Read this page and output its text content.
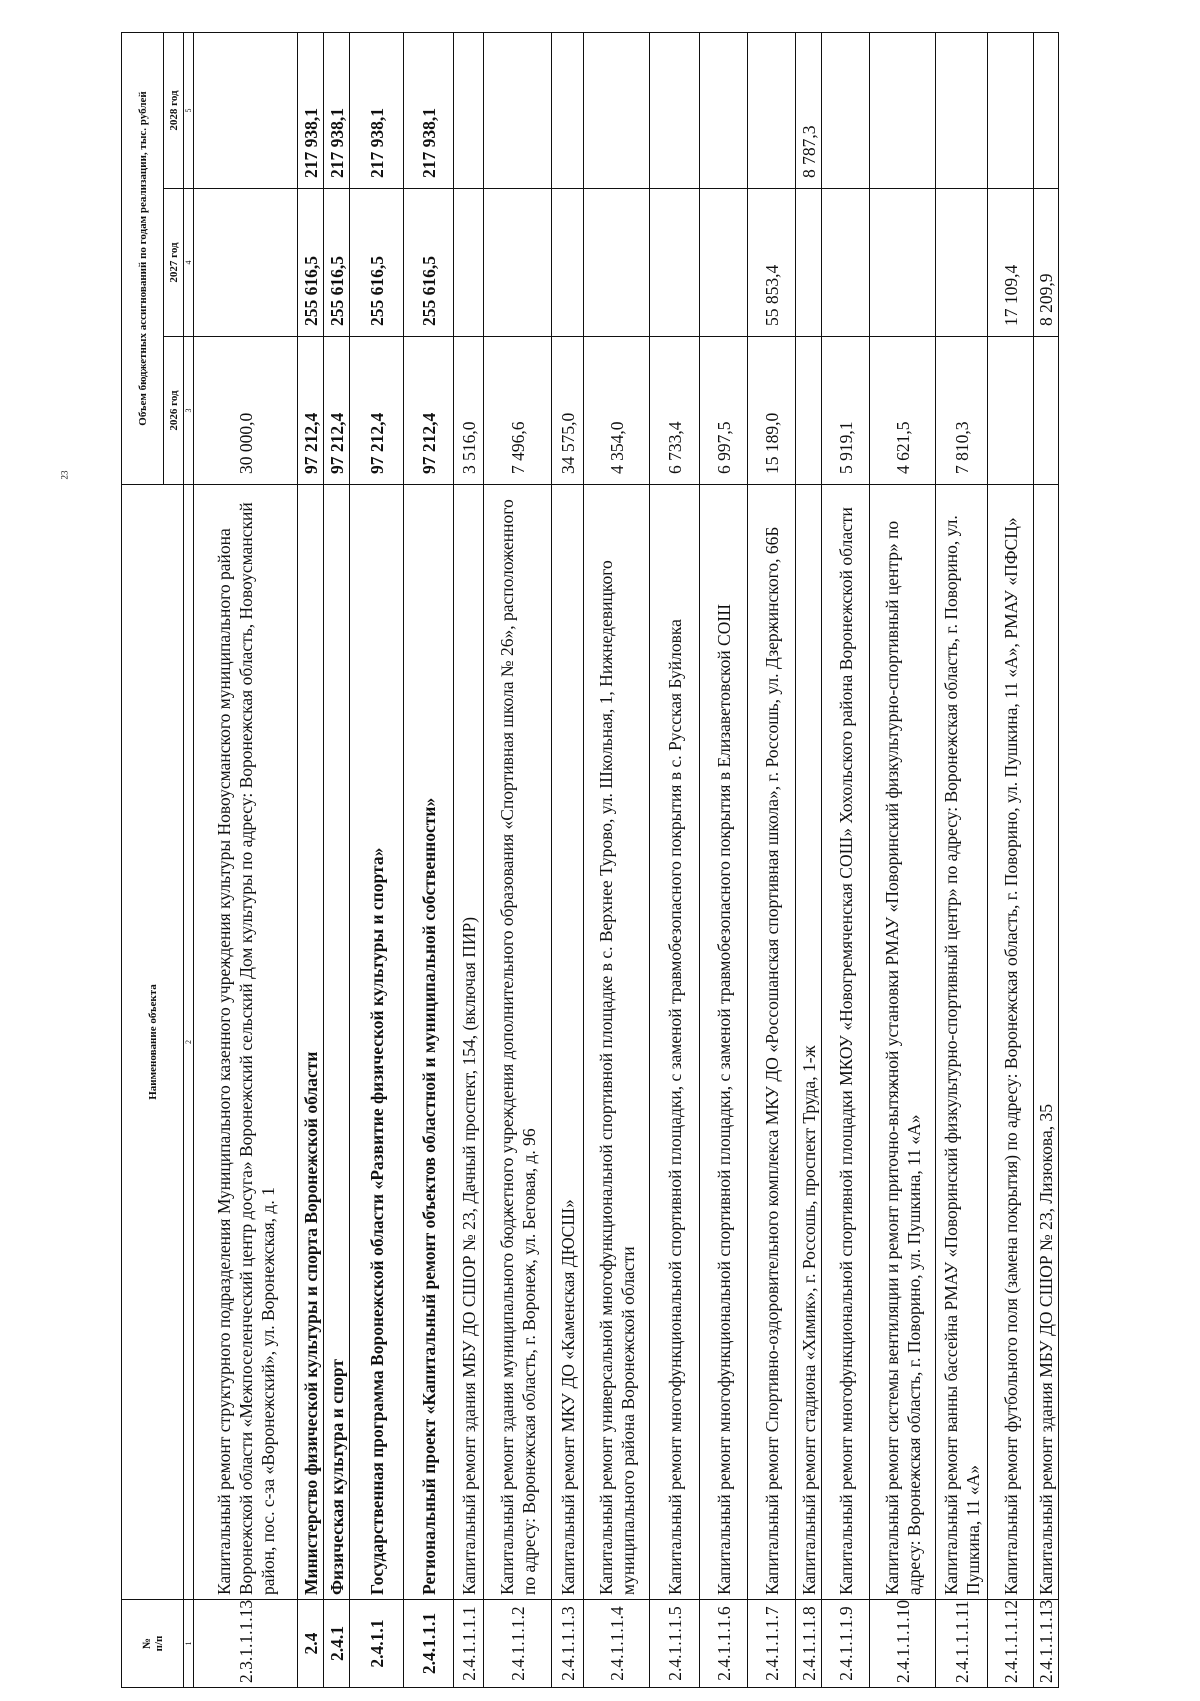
23
№
п/п	Наименование объекта	Объем бюджетных ассигнований по годам реализации, тыс. рублей		
		2026 год	2027 год	2028 год
1	2	3	4	5
2.3.1.1.1.13	Капитальный ремонт структурного подразделения Муниципального казенного учреждения культуры Новоусманского муниципального района Воронежской области «Межпоселенческий центр досуга» Воронежский сельский Дом культуры по адресу: Воронежская область, Новоусманский район, пос. с-за «Воронежский», ул. Воронежская, д. 1	30 000,0		
2.4	Министерство физической культуры и спорта Воронежской области	97 212,4	255 616,5	217 938,1
2.4.1	Физическая культура и спорт	97 212,4	255 616,5	217 938,1
2.4.1.1	Государственная программа Воронежской области «Развитие физической культуры и спорта»	97 212,4	255 616,5	217 938,1
2.4.1.1.1	Региональный проект «Капитальный ремонт объектов областной и муниципальной собственности»	97 212,4	255 616,5	217 938,1
2.4.1.1.1.1	Капитальный ремонт здания МБУ ДО СШОР № 23, Дачный проспект, 154, (включая ПИР)	3 516,0		
2.4.1.1.1.2	Капитальный ремонт здания муниципального бюджетного учреждения дополнительного образования «Спортивная школа № 26», расположенного по адресу: Воронежская область, г. Воронеж, ул. Беговая, д. 96	7 496,6		
2.4.1.1.1.3	Капитальный ремонт МКУ ДО «Каменская ДЮСШ»	34 575,0		
2.4.1.1.1.4	Капитальный ремонт универсальной многофункциональной спортивной площадке в с. Верхнее Турово, ул. Школьная, 1, Нижнедевицкого муниципального района Воронежской области	4 354,0		
2.4.1.1.1.5	Капитальный ремонт многофункциональной спортивной площадки, с заменой травмобезопасного покрытия в с. Русская Буйловка	6 733,4		
2.4.1.1.1.6	Капитальный ремонт многофункциональной спортивной площадки, с заменой травмобезопасного покрытия в Елизаветовской СОШ	6 997,5		
2.4.1.1.1.7	Капитальный ремонт Спортивно-оздоровительного комплекса МКУ ДО «Россошанская спортивная школа», г. Россошь, ул. Дзержинского, 66Б	15 189,0	55 853,4	
2.4.1.1.1.8	Капитальный ремонт стадиона «Химик», г. Россошь, проспект Труда, 1-ж			8 787,3
2.4.1.1.1.9	Капитальный ремонт многофункциональной спортивной площадки МКОУ «Новогремяченская СОШ» Хохольского района Воронежской области	5 919,1		
2.4.1.1.1.10	Капитальный ремонт системы вентиляции и ремонт приточно-вытяжной установки РМАУ «Поворинский физкультурно-спортивный центр» по адресу: Воронежская область, г. Поворино, ул. Пушкина, 11 «А»	4 621,5		
2.4.1.1.1.11	Капитальный ремонт ванны бассейна РМАУ «Поворинский физкультурно-спортивный центр» по адресу: Воронежская область, г. Поворино, ул. Пушкина, 11 «А»	7 810,3		
2.4.1.1.1.12	Капитальный ремонт футбольного поля (замена покрытия) по адресу: Воронежская область, г. Поворино, ул. Пушкина, 11 «А», РМАУ «ПФСЦ»		17 109,4	
2.4.1.1.1.13	Капитальный ремонт здания МБУ ДО СШОР № 23, Лизюкова, 35		8 209,9	
